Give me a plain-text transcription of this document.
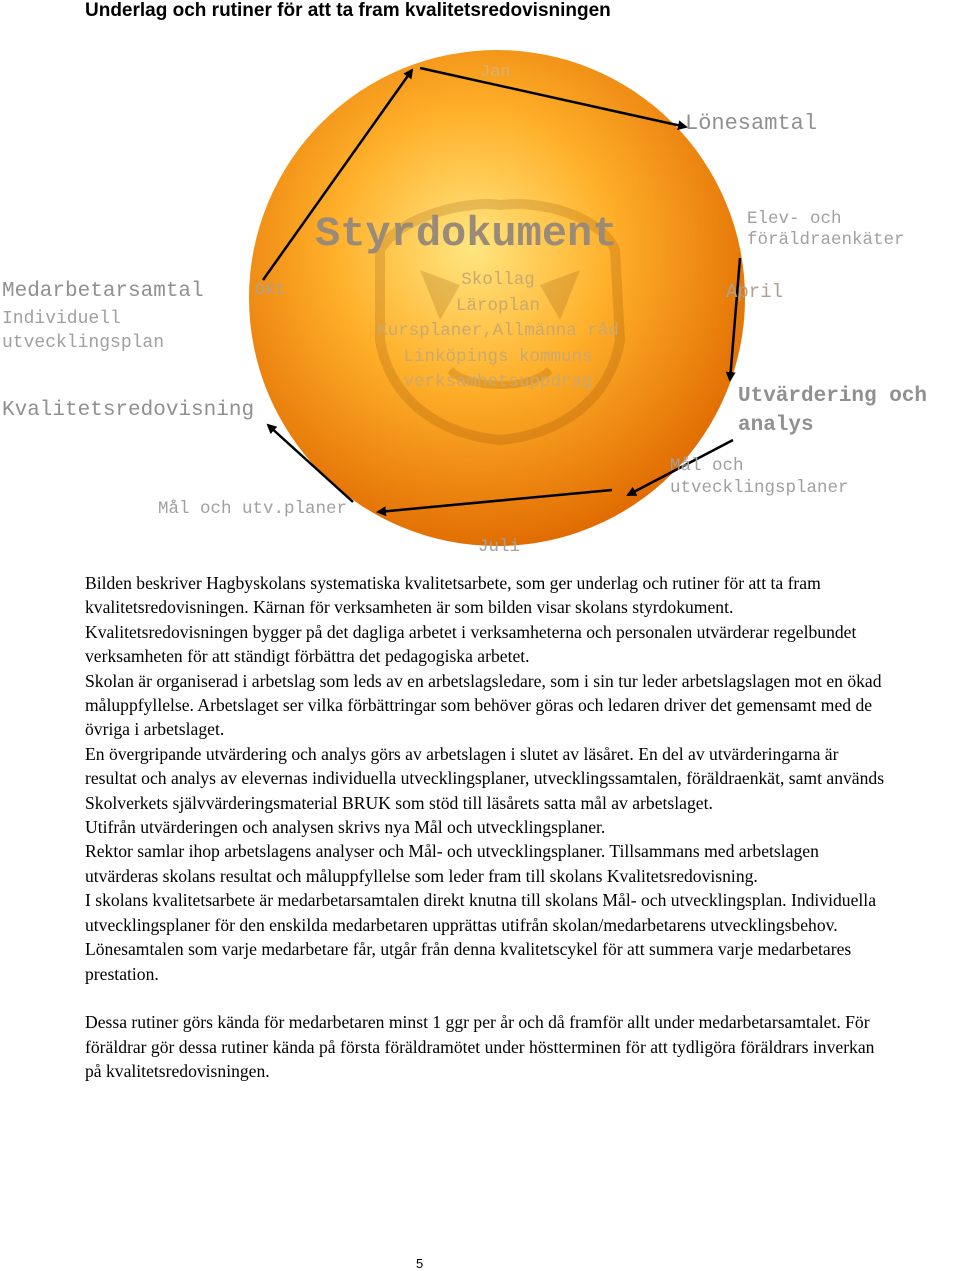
Underlag och rutiner för att ta fram kvalitetsredovisningen
Styrdokument
Skollag
Läroplan
Kursplaner,Allmänna råd
Linköpings kommuns
verksamhetsuppdrag
Jan
Lönesamtal
Elev- och
föräldraenkäter
April
Utvärdering och
analys
Mål och
utvecklingsplaner
Juli
Mål och utv.planer
Kvalitetsredovisning
Medarbetarsamtal	Okt
Individuell
utvecklingsplan

Bilden beskriver Hagbyskolans systematiska kvalitetsarbete, som ger underlag och rutiner för att ta fram kvalitetsredovisningen. Kärnan för verksamheten är som bilden visar skolans styrdokument.

Kvalitetsredovisningen bygger på det dagliga arbetet i verksamheterna och personalen utvärderar regelbundet verksamheten för att ständigt förbättra det pedagogiska arbetet.

Skolan är organiserad i arbetslag som leds av en arbetslagsledare, som i sin tur leder arbetslagslagen mot en ökad måluppfyllelse. Arbetslaget ser vilka förbättringar som behöver göras och ledaren driver det gemensamt med de övriga i arbetslaget.

En övergripande utvärdering och analys görs av arbetslagen i slutet av läsåret. En del av utvärderingarna är resultat och analys av elevernas individuella utvecklingsplaner, utvecklingssamtalen, föräldraenkät, samt används Skolverkets självvärderingsmaterial BRUK som stöd till läsårets satta mål av arbetslaget.

Utifrån utvärderingen och analysen skrivs nya Mål och utvecklingsplaner.

Rektor samlar ihop arbetslagens analyser och Mål- och utvecklingsplaner. Tillsammans med arbetslagen utvärderas skolans resultat och måluppfyllelse som leder fram till skolans Kvalitetsredovisning.

I skolans kvalitetsarbete är medarbetarsamtalen direkt knutna till skolans Mål- och utvecklingsplan. Individuella utvecklingsplaner för den enskilda medarbetaren upprättas utifrån skolan/medarbetarens utvecklingsbehov.

Lönesamtalen som varje medarbetare får, utgår från denna kvalitetscykel för att summera varje medarbetares prestation.

Dessa rutiner görs kända för medarbetaren minst 1 ggr per år och då framför allt under medarbetarsamtalet. För föräldrar gör dessa rutiner kända på första föräldramötet under höstterminen för att tydligöra föräldrars inverkan på kvalitetsredovisningen.

5
